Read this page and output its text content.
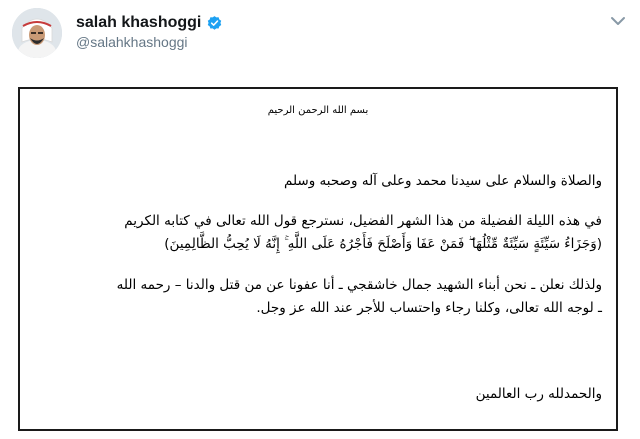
salah khashoggi
@salahkhashoggi
بسم الله الرحمن الرحيم
والصلاة والسلام على سيدنا محمد وعلى آله وصحبه وسلم
في هذه الليلة الفضيلة من هذا الشهر الفضيل، نسترجع قول الله تعالى في كتابه الكريم
(وَجَزَاءُ سَيِّئَةٍ سَيِّئَةٌ مِّثْلُهَا ۖ فَمَنْ عَفَا وَأَصْلَحَ فَأَجْرُهُ عَلَى اللَّهِ ۚ إِنَّهُ لَا يُحِبُّ الظَّالِمِينَ)
ولذلك نعلن ـ نحن أبناء الشهيد جمال خاشقجي ـ أنا عفونا عن من قتل والدنا – رحمه الله
ـ لوجه الله تعالى، وكلنا رجاء واحتساب للأجر عند الله عز وجل.
والحمدلله رب العالمين
